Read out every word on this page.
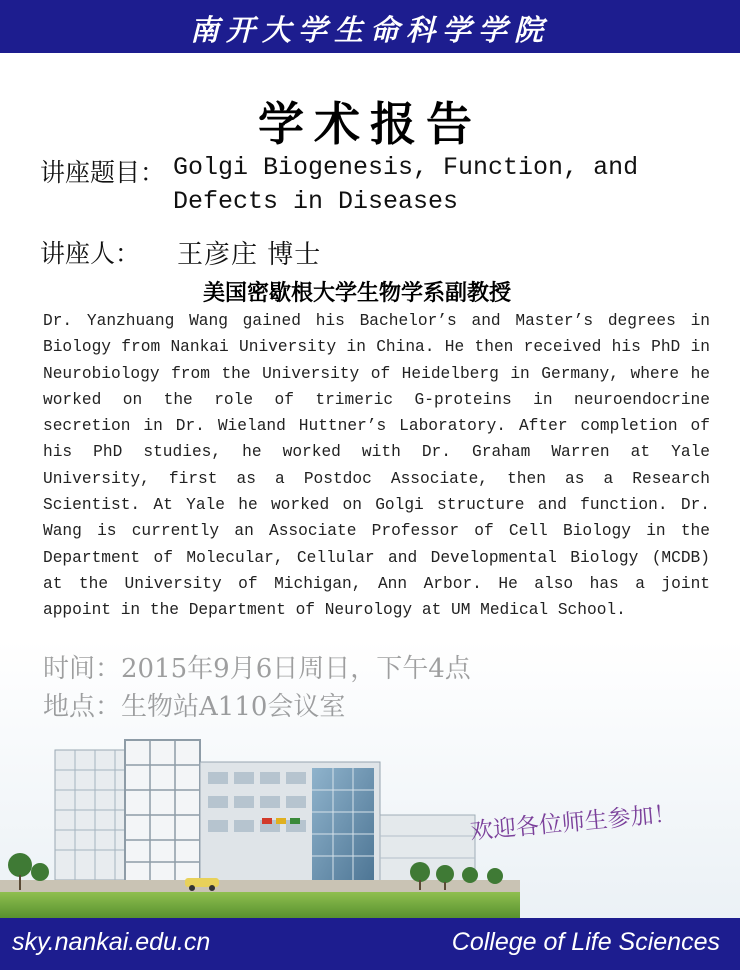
南开大学生命科学学院
学术报告
讲座题目： Golgi Biogenesis, Function, and
Defects in Diseases
讲座人： 王彦庄 博士
美国密歇根大学生物学系副教授
Dr. Yanzhuang Wang gained his Bachelor’s and Master’s degrees in Biology from Nankai University in China. He then received his PhD in Neurobiology from the University of Heidelberg in Germany, where he worked on the role of trimeric G-proteins in neuroendocrine secretion in Dr. Wieland Huttner’s Laboratory. After completion of his PhD studies, he worked with Dr. Graham Warren at Yale University, first as a Postdoc Associate, then as a Research Scientist. At Yale he worked on Golgi structure and function. Dr. Wang is currently an Associate Professor of Cell Biology in the Department of Molecular, Cellular and Developmental Biology (MCDB) at the University of Michigan, Ann Arbor. He also has a joint appoint in the Department of Neurology at UM Medical School.
欢迎各位师生参加！
sky.nankai.edu.cn	College of Life Sciences
